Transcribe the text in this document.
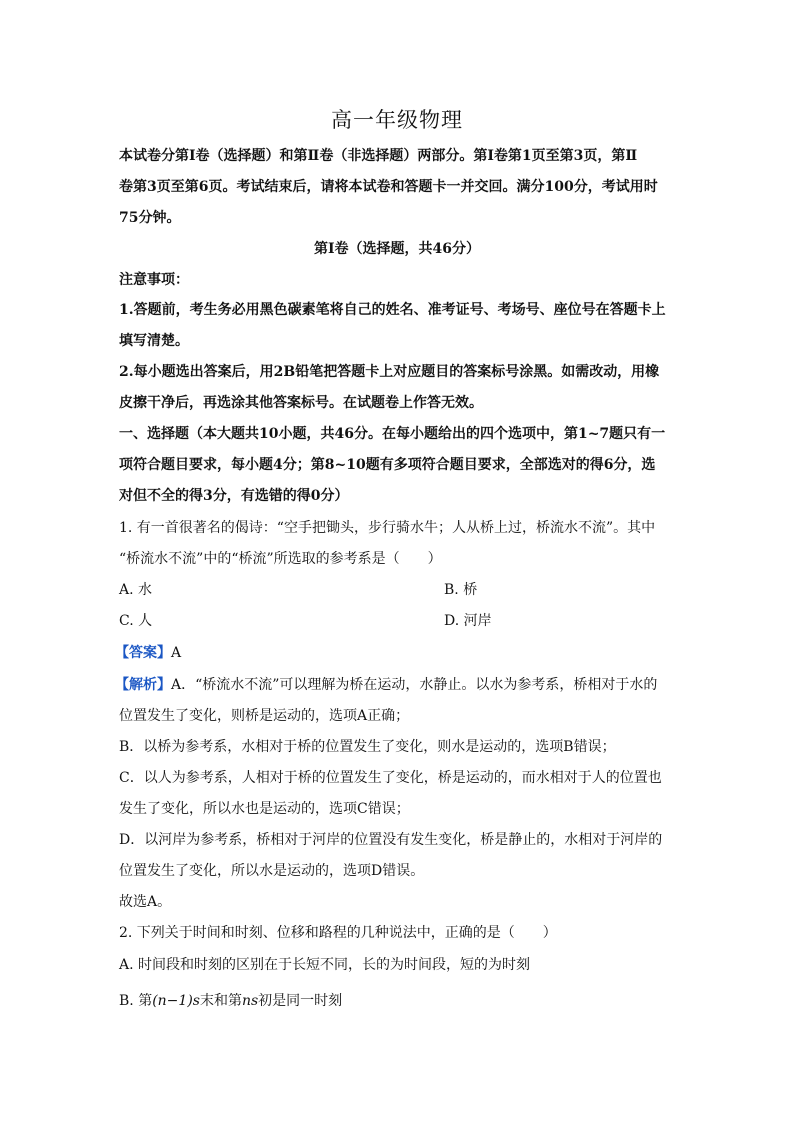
高一年级物理
本试卷分第Ⅰ卷（选择题）和第Ⅱ卷（非选择题）两部分。第Ⅰ卷第1页至第3页，第Ⅱ
卷第3页至第6页。考试结束后，请将本试卷和答题卡一并交回。满分100分，考试用时
75分钟。
第Ⅰ卷（选择题，共46分）
注意事项：
1.答题前，考生务必用黑色碳素笔将自己的姓名、准考证号、考场号、座位号在答题卡上
填写清楚。
2.每小题选出答案后，用2B铅笔把答题卡上对应题目的答案标号涂黑。如需改动，用橡
皮擦干净后，再选涂其他答案标号。在试题卷上作答无效。
一、选择题（本大题共10小题，共46分。在每小题给出的四个选项中，第1~7题只有一
项符合题目要求，每小题4分；第8~10题有多项符合题目要求，全部选对的得6分，选
对但不全的得3分，有选错的得0分）
1. 有一首很著名的偈诗：“空手把锄头，步行骑水牛；人从桥上过，桥流水不流”。其中
“桥流水不流”中的“桥流”所选取的参考系是（　　）
A. 水	B. 桥
C. 人	D. 河岸
【答案】A
【解析】A．“桥流水不流”可以理解为桥在运动，水静止。以水为参考系，桥相对于水的
位置发生了变化，则桥是运动的，选项A正确；
B．以桥为参考系，水相对于桥的位置发生了变化，则水是运动的，选项B错误；
C．以人为参考系，人相对于桥的位置发生了变化，桥是运动的，而水相对于人的位置也
发生了变化，所以水也是运动的，选项C错误；
D．以河岸为参考系，桥相对于河岸的位置没有发生变化，桥是静止的，水相对于河岸的
位置发生了变化，所以水是运动的，选项D错误。
故选A。
2. 下列关于时间和时刻、位移和路程的几种说法中，正确的是（　　）
A. 时间段和时刻的区别在于长短不同，长的为时间段，短的为时刻
B. 第(n−1)s末和第ns初是同一时刻
